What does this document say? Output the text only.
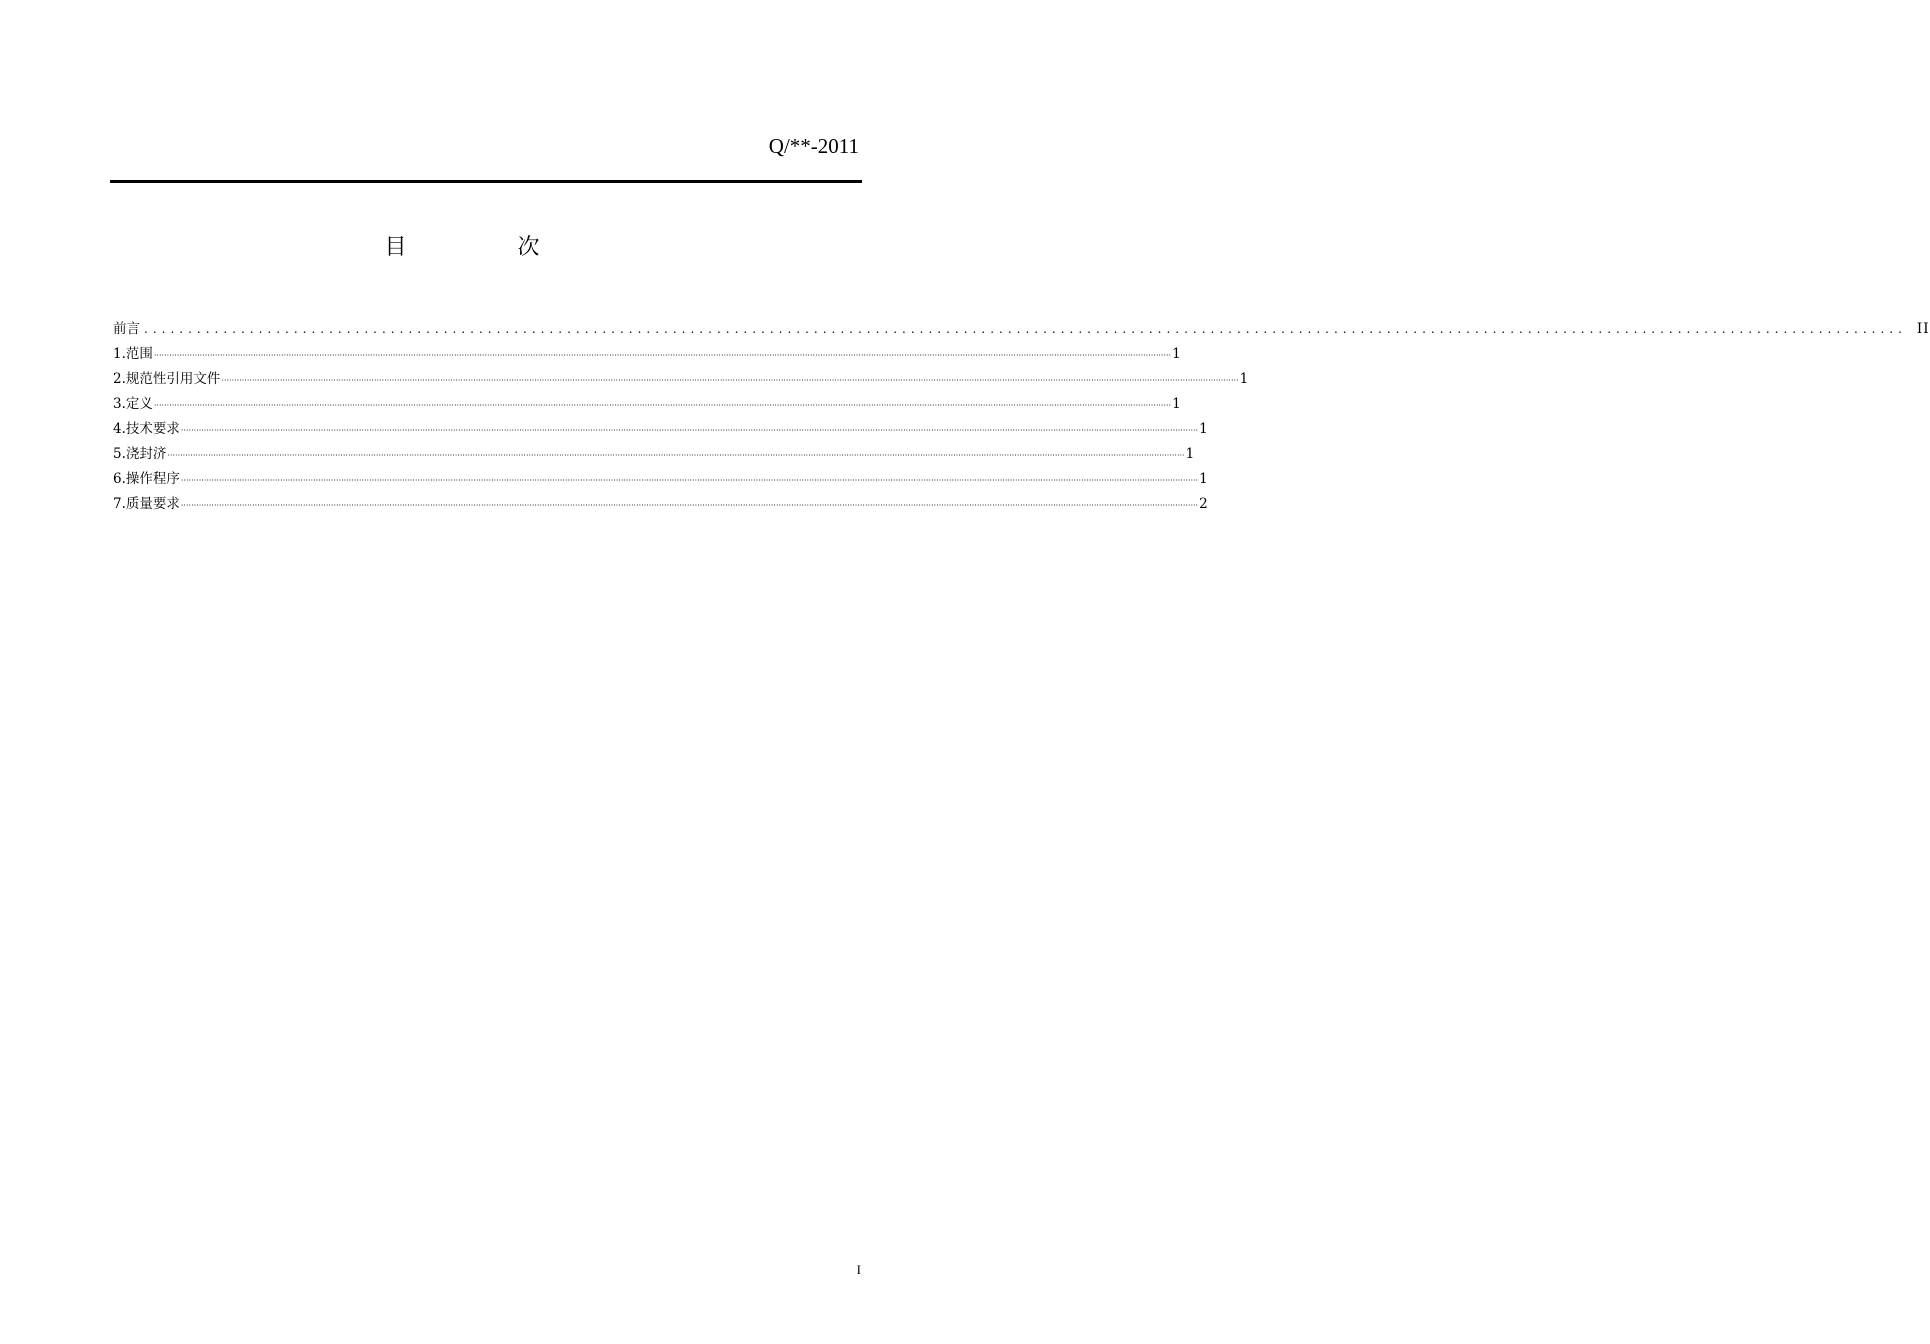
Q/**-2011
目 次
前言 ........................................................................................................................................................................................................ II
1.范围 ················································································································································································································································································································································································································ 1
2.规范性引用文件 ················································································································································································································································································································································································································ 1
3.定义 ················································································································································································································································································································································································································ 1
4.技术要求 ················································································································································································································································································································································································································ 1
5.浇封济 ················································································································································································································································································································································································································ 1
6.操作程序 ················································································································································································································································································································································································································ 1
7.质量要求 ················································································································································································································································································································································································································ 2
I
